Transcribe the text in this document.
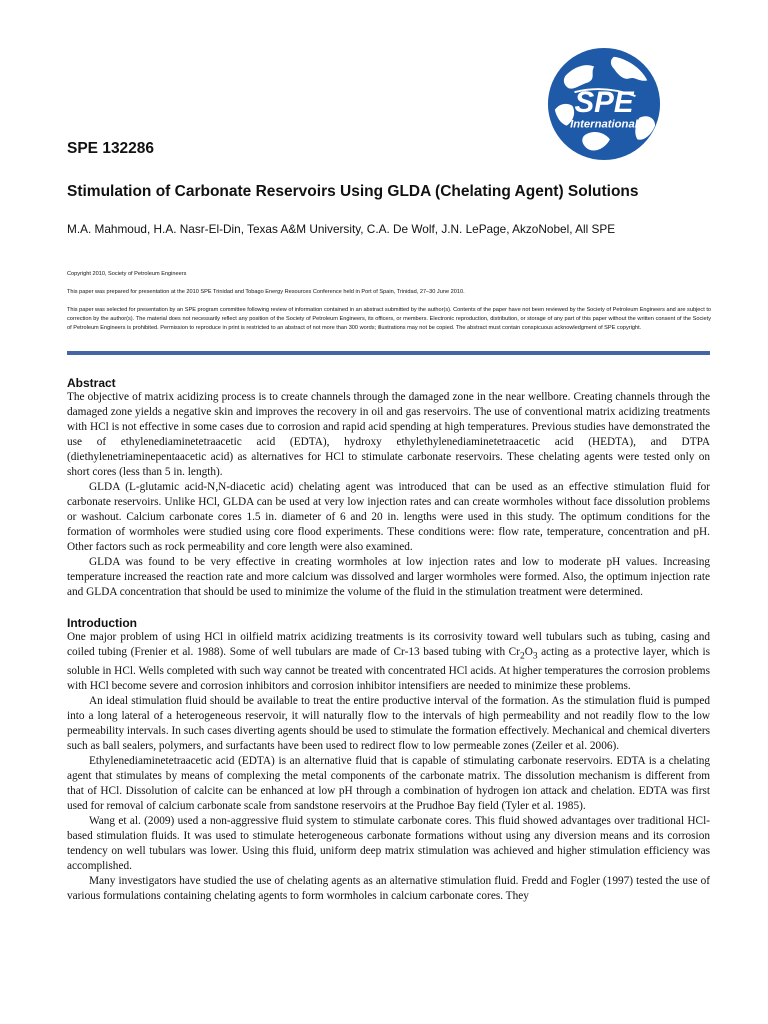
SPE
International
SPE 132286
Stimulation of Carbonate Reservoirs Using GLDA (Chelating Agent) Solutions
M.A. Mahmoud, H.A. Nasr-El-Din, Texas A&M University, C.A. De Wolf, J.N. LePage, AkzoNobel, All SPE
Copyright 2010, Society of Petroleum Engineers
This paper was prepared for presentation at the 2010 SPE Trinidad and Tobago Energy Resources Conference held in Port of Spain, Trinidad, 27–30 June 2010.
This paper was selected for presentation by an SPE program committee following review of information contained in an abstract submitted by the author(s). Contents of the paper have not been reviewed by the Society of Petroleum Engineers and are subject to correction by the author(s). The material does not necessarily reflect any position of the Society of Petroleum Engineers, its officers, or members. Electronic reproduction, distribution, or storage of any part of this paper without the written consent of the Society of Petroleum Engineers is prohibited. Permission to reproduce in print is restricted to an abstract of not more than 300 words; illustrations may not be copied. The abstract must contain conspicuous acknowledgment of SPE copyright.
Abstract

The objective of matrix acidizing process is to create channels through the damaged zone in the near wellbore. Creating channels through the damaged zone yields a negative skin and improves the recovery in oil and gas reservoirs. The use of conventional matrix acidizing treatments with HCl is not effective in some cases due to corrosion and rapid acid spending at high temperatures. Previous studies have demonstrated the use of ethylenediaminetetraacetic acid (EDTA), hydroxy ethylethylenediaminetetraacetic acid (HEDTA), and DTPA (diethylenetriaminepentaacetic acid) as alternatives for HCl to stimulate carbonate reservoirs. These chelating agents were tested only on short cores (less than 5 in. length).

GLDA (L-glutamic acid-N,N-diacetic acid) chelating agent was introduced that can be used as an effective stimulation fluid for carbonate reservoirs. Unlike HCl, GLDA can be used at very low injection rates and can create wormholes without face dissolution problems or washout. Calcium carbonate cores 1.5 in. diameter of 6 and 20 in. lengths were used in this study. The optimum conditions for the formation of wormholes were studied using core flood experiments. These conditions were: flow rate, temperature, concentration and pH. Other factors such as rock permeability and core length were also examined.

GLDA was found to be very effective in creating wormholes at low injection rates and low to moderate pH values. Increasing temperature increased the reaction rate and more calcium was dissolved and larger wormholes were formed. Also, the optimum injection rate and GLDA concentration that should be used to minimize the volume of the fluid in the stimulation treatment were determined.

Introduction

One major problem of using HCl in oilfield matrix acidizing treatments is its corrosivity toward well tubulars such as tubing, casing and coiled tubing (Frenier et al. 1988). Some of well tubulars are made of Cr-13 based tubing with $Cr_2O_3$ acting as a protective layer, which is soluble in HCl. Wells completed with such way cannot be treated with concentrated HCl acids. At higher temperatures the corrosion problems with HCl become severe and corrosion inhibitors and corrosion inhibitor intensifiers are needed to minimize these problems.

An ideal stimulation fluid should be available to treat the entire productive interval of the formation. As the stimulation fluid is pumped into a long lateral of a heterogeneous reservoir, it will naturally flow to the intervals of high permeability and not readily flow to the low permeability intervals. In such cases diverting agents should be used to stimulate the formation effectively. Mechanical and chemical diverters such as ball sealers, polymers, and surfactants have been used to redirect flow to low permeable zones (Zeiler et al. 2006).

Ethylenediaminetetraacetic acid (EDTA) is an alternative fluid that is capable of stimulating carbonate reservoirs. EDTA is a chelating agent that stimulates by means of complexing the metal components of the carbonate matrix. The dissolution mechanism is different from that of HCl. Dissolution of calcite can be enhanced at low pH through a combination of hydrogen ion attack and chelation. EDTA was first used for removal of calcium carbonate scale from sandstone reservoirs at the Prudhoe Bay field (Tyler et al. 1985).

Wang et al. (2009) used a non-aggressive fluid system to stimulate carbonate cores. This fluid showed advantages over traditional HCl-based stimulation fluids. It was used to stimulate heterogeneous carbonate formations without using any diversion means and its corrosion tendency on well tubulars was lower. Using this fluid, uniform deep matrix stimulation was achieved and higher stimulation efficiency was accomplished.

Many investigators have studied the use of chelating agents as an alternative stimulation fluid. Fredd and Fogler (1997) tested the use of various formulations containing chelating agents to form wormholes in calcium carbonate cores. They
